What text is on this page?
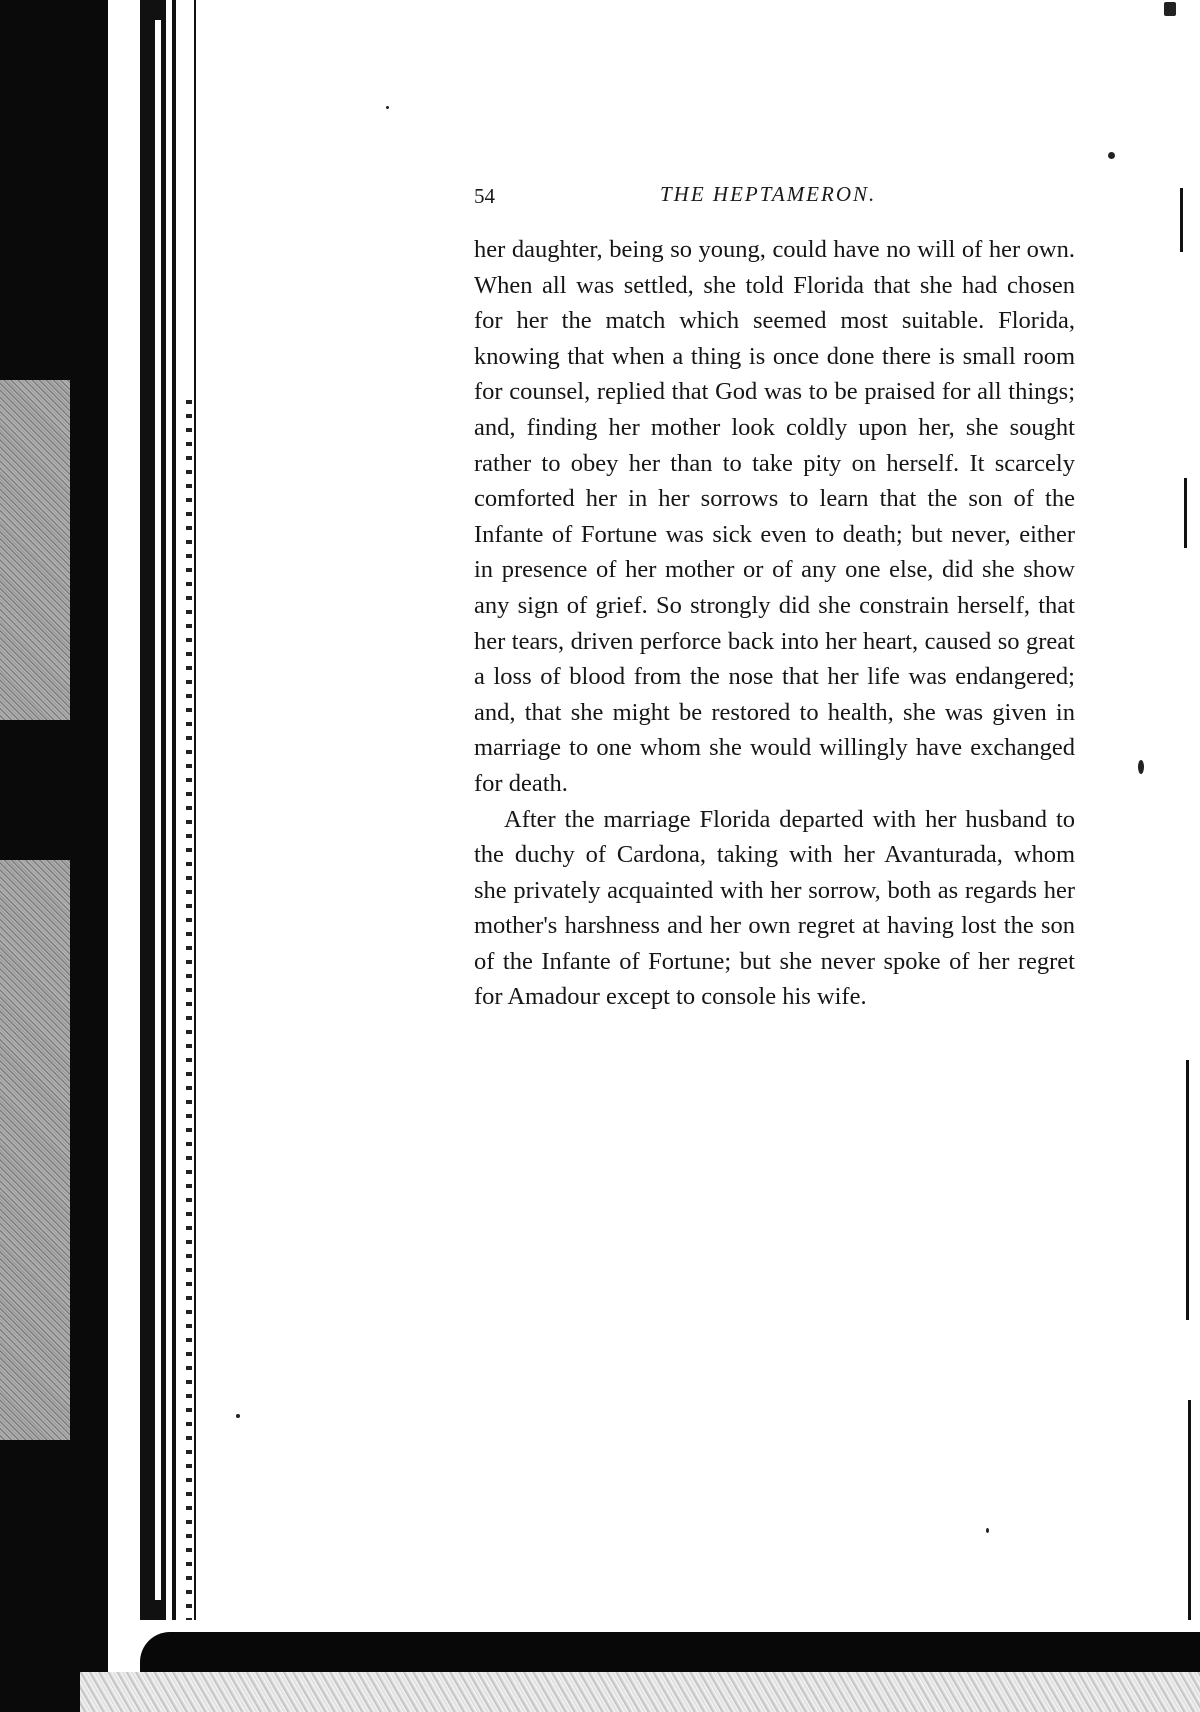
54	THE HEPTAMERON.

her daughter, being so young, could have no will of her own. When all was settled, she told Florida that she had chosen for her the match which seemed most suitable. Florida, knowing that when a thing is once done there is small room for counsel, replied that God was to be praised for all things; and, finding her mother look coldly upon her, she sought rather to obey her than to take pity on herself. It scarcely comforted her in her sorrows to learn that the son of the Infante of Fortune was sick even to death; but never, either in presence of her mother or of any one else, did she show any sign of grief. So strongly did she constrain herself, that her tears, driven perforce back into her heart, caused so great a loss of blood from the nose that her life was endangered; and, that she might be restored to health, she was given in marriage to one whom she would willingly have exchanged for death.

After the marriage Florida departed with her husband to the duchy of Cardona, taking with her Avanturada, whom she privately acquainted with her sorrow, both as regards her mother's harshness and her own regret at having lost the son of the Infante of Fortune; but she never spoke of her regret for Amadour except to console his wife.
